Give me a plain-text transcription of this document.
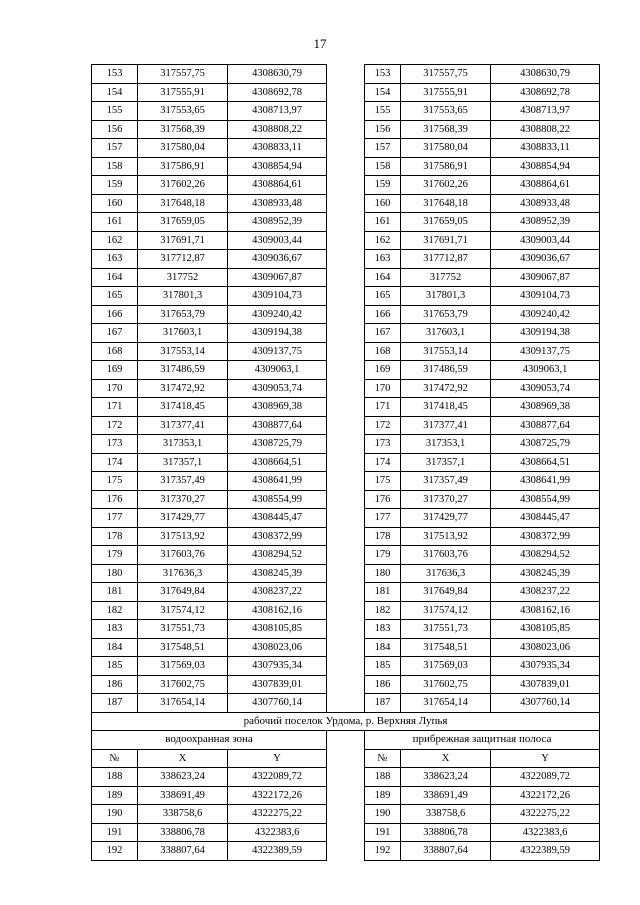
17
153	317557,75	4308630,79		153	317557,75	4308630,79
154	317555,91	4308692,78		154	317555,91	4308692,78
155	317553,65	4308713,97		155	317553,65	4308713,97
156	317568,39	4308808,22		156	317568,39	4308808,22
157	317580,04	4308833,11		157	317580,04	4308833,11
158	317586,91	4308854,94		158	317586,91	4308854,94
159	317602,26	4308864,61		159	317602,26	4308864,61
160	317648,18	4308933,48		160	317648,18	4308933,48
161	317659,05	4308952,39		161	317659,05	4308952,39
162	317691,71	4309003,44		162	317691,71	4309003,44
163	317712,87	4309036,67		163	317712,87	4309036,67
164	317752	4309067,87		164	317752	4309067,87
165	317801,3	4309104,73		165	317801,3	4309104,73
166	317653,79	4309240,42		166	317653,79	4309240,42
167	317603,1	4309194,38		167	317603,1	4309194,38
168	317553,14	4309137,75		168	317553,14	4309137,75
169	317486,59	4309063,1		169	317486,59	4309063,1
170	317472,92	4309053,74		170	317472,92	4309053,74
171	317418,45	4308969,38		171	317418,45	4308969,38
172	317377,41	4308877,64		172	317377,41	4308877,64
173	317353,1	4308725,79		173	317353,1	4308725,79
174	317357,1	4308664,51		174	317357,1	4308664,51
175	317357,49	4308641,99		175	317357,49	4308641,99
176	317370,27	4308554,99		176	317370,27	4308554,99
177	317429,77	4308445,47		177	317429,77	4308445,47
178	317513,92	4308372,99		178	317513,92	4308372,99
179	317603,76	4308294,52		179	317603,76	4308294,52
180	317636,3	4308245,39		180	317636,3	4308245,39
181	317649,84	4308237,22		181	317649,84	4308237,22
182	317574,12	4308162,16		182	317574,12	4308162,16
183	317551,73	4308105,85		183	317551,73	4308105,85
184	317548,51	4308023,06		184	317548,51	4308023,06
185	317569,03	4307935,34		185	317569,03	4307935,34
186	317602,75	4307839,01		186	317602,75	4307839,01
187	317654,14	4307760,14		187	317654,14	4307760,14
рабочий поселок Урдома, р. Верхняя Лупья						
водоохранная зона				прибрежная защитная полоса		
№	X	Y		№	X	Y
188	338623,24	4322089,72		188	338623,24	4322089,72
189	338691,49	4322172,26		189	338691,49	4322172,26
190	338758,6	4322275,22		190	338758,6	4322275,22
191	338806,78	4322383,6		191	338806,78	4322383,6
192	338807,64	4322389,59		192	338807,64	4322389,59
